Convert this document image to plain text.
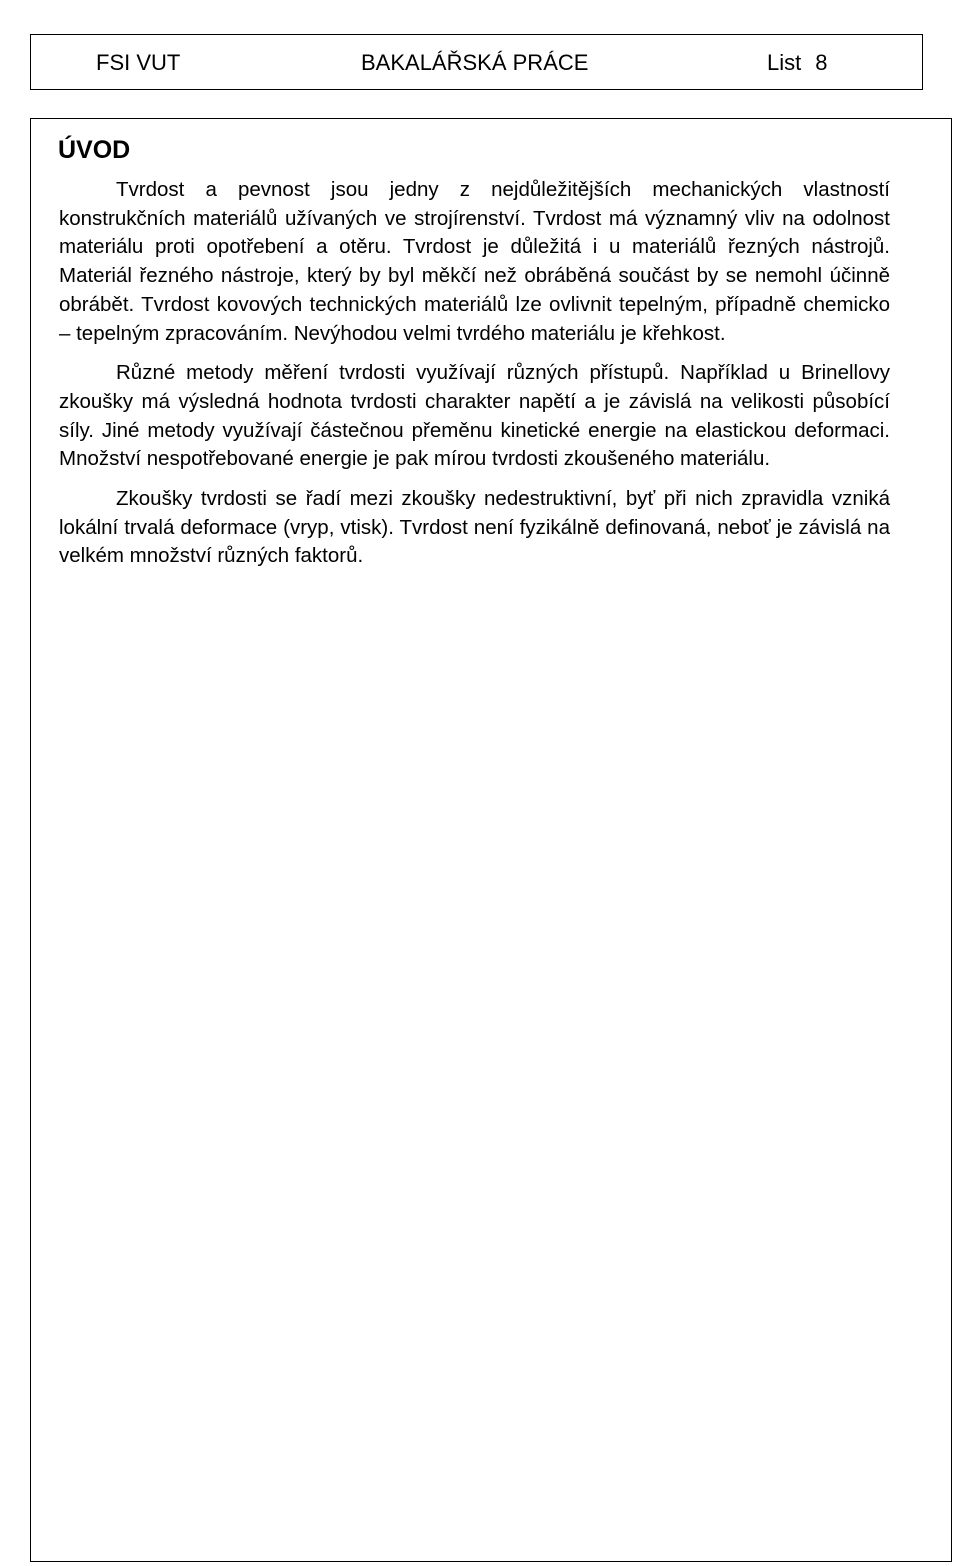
FSI VUT	BAKALÁŘSKÁ PRÁCE	List 8
ÚVOD

Tvrdost a pevnost jsou jedny z nejdůležitějších mechanických vlastností konstrukčních materiálů užívaných ve strojírenství. Tvrdost má významný vliv na odolnost materiálu proti opotřebení a otěru. Tvrdost je důležitá i u materiálů řezných nástrojů. Materiál řezného nástroje, který by byl měkčí než obráběná součást by se nemohl účinně obrábět. Tvrdost kovových technických materiálů lze ovlivnit tepelným, případně chemicko – tepelným zpracováním. Nevýhodou velmi tvrdého materiálu je křehkost.

Různé metody měření tvrdosti využívají různých přístupů. Například u Brinellovy zkoušky má výsledná hodnota tvrdosti charakter napětí a je závislá na velikosti působící síly. Jiné metody využívají částečnou přeměnu kinetické energie na elastickou deformaci. Množství nespotřebované energie je pak mírou tvrdosti zkoušeného materiálu.

Zkoušky tvrdosti se řadí mezi zkoušky nedestruktivní, byť při nich zpravidla vzniká lokální trvalá deformace (vryp, vtisk). Tvrdost není fyzikálně definovaná, neboť je závislá na velkém množství různých faktorů.
